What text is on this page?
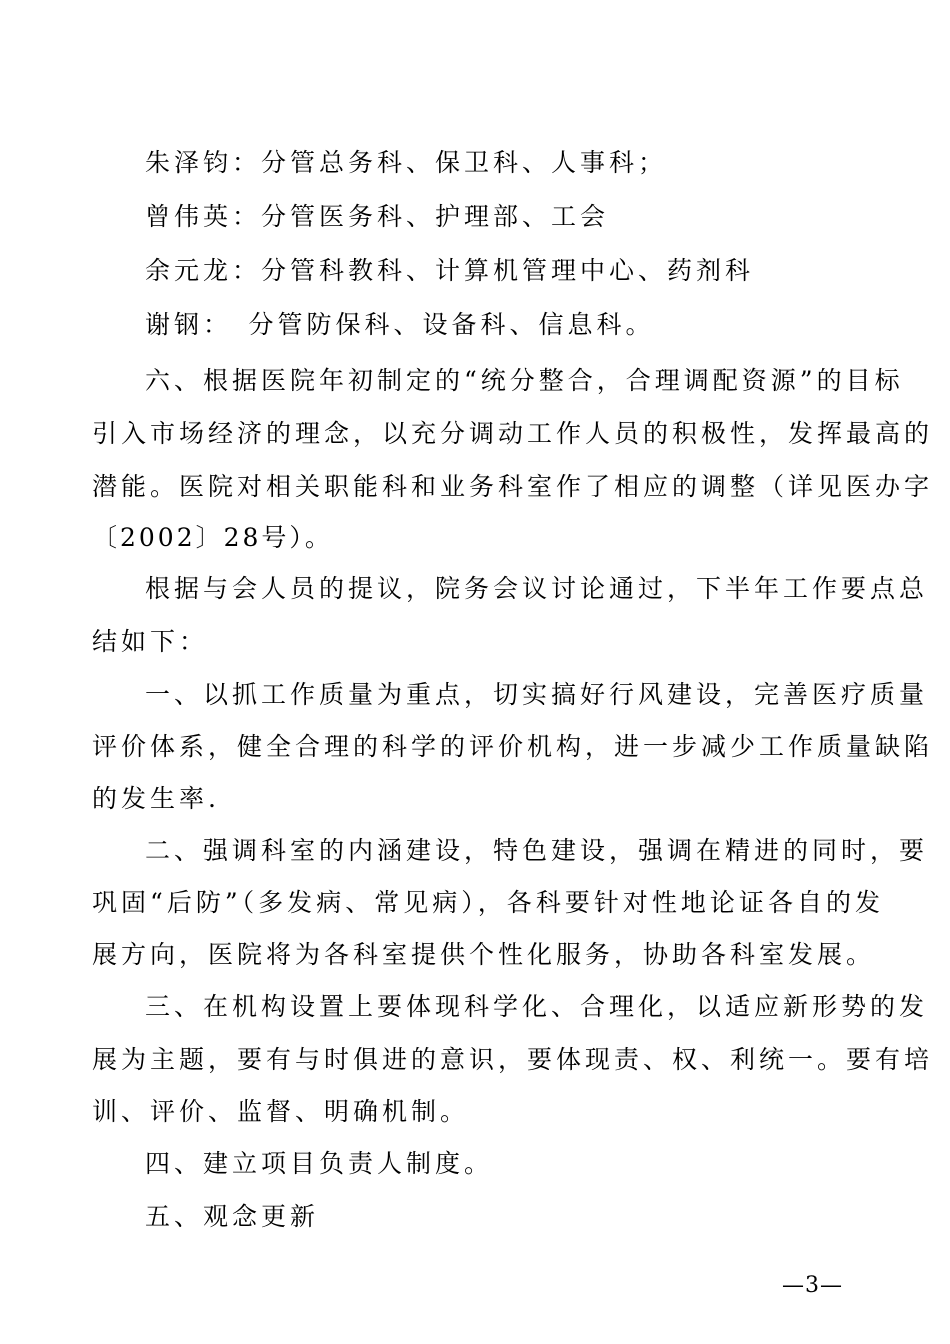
朱泽钧：分管总务科、保卫科、人事科；
曾伟英：分管医务科、护理部、工会
余元龙：分管科教科、计算机管理中心、药剂科
谢钢：　分管防保科、设备科、信息科。
六、根据医院年初制定的“统分整合，合理调配资源”的目标
引入市场经济的理念，以充分调动工作人员的积极性，发挥最高的
潜能。医院对相关职能科和业务科室作了相应的调整（详见医办字
〔2002〕28号）。
根据与会人员的提议，院务会议讨论通过，下半年工作要点总
结如下：
一、以抓工作质量为重点，切实搞好行风建设，完善医疗质量
评价体系，健全合理的科学的评价机构，进一步减少工作质量缺陷
的发生率.
二、强调科室的内涵建设，特色建设，强调在精进的同时，要
巩固“后防”（多发病、常见病），各科要针对性地论证各自的发
展方向，医院将为各科室提供个性化服务，协助各科室发展。
三、在机构设置上要体现科学化、合理化，以适应新形势的发
展为主题，要有与时俱进的意识，要体现责、权、利统一。要有培
训、评价、监督、明确机制。
四、建立项目负责人制度。
五、观念更新
—3—
